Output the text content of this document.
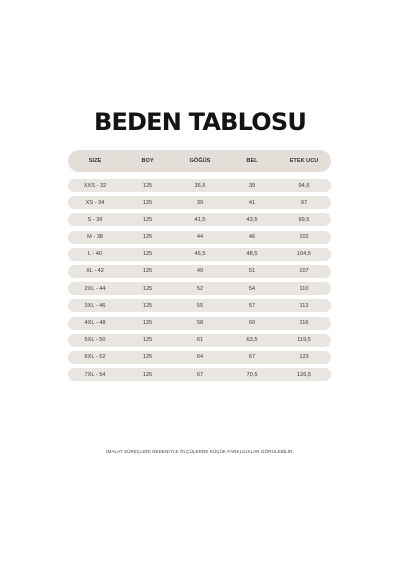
BEDEN TABLOSU
SIZE	BOY	GÖĞÜS	BEL	ETEK UCU
XXS - 32	125	36,5	39	94,5
XS - 34	125	39	41	97
S - 36	125	41,5	43,5	99,5
M - 38	125	44	46	102
L - 40	125	46,5	48,5	104,5
XL - 42	125	49	51	107
2XL - 44	125	52	54	110
3XL - 46	125	55	57	113
4XL - 48	125	58	60	116
5XL - 50	125	61	63,5	119,5
6XL - 52	125	64	67	123
7XL - 54	125	67	70,5	126,5
İMALAT SÜREÇLERİ NEDENİYLE ÖLÇÜLERDE KÜÇÜK FARKLILIKLAR GÖRÜLEBİLİR.
